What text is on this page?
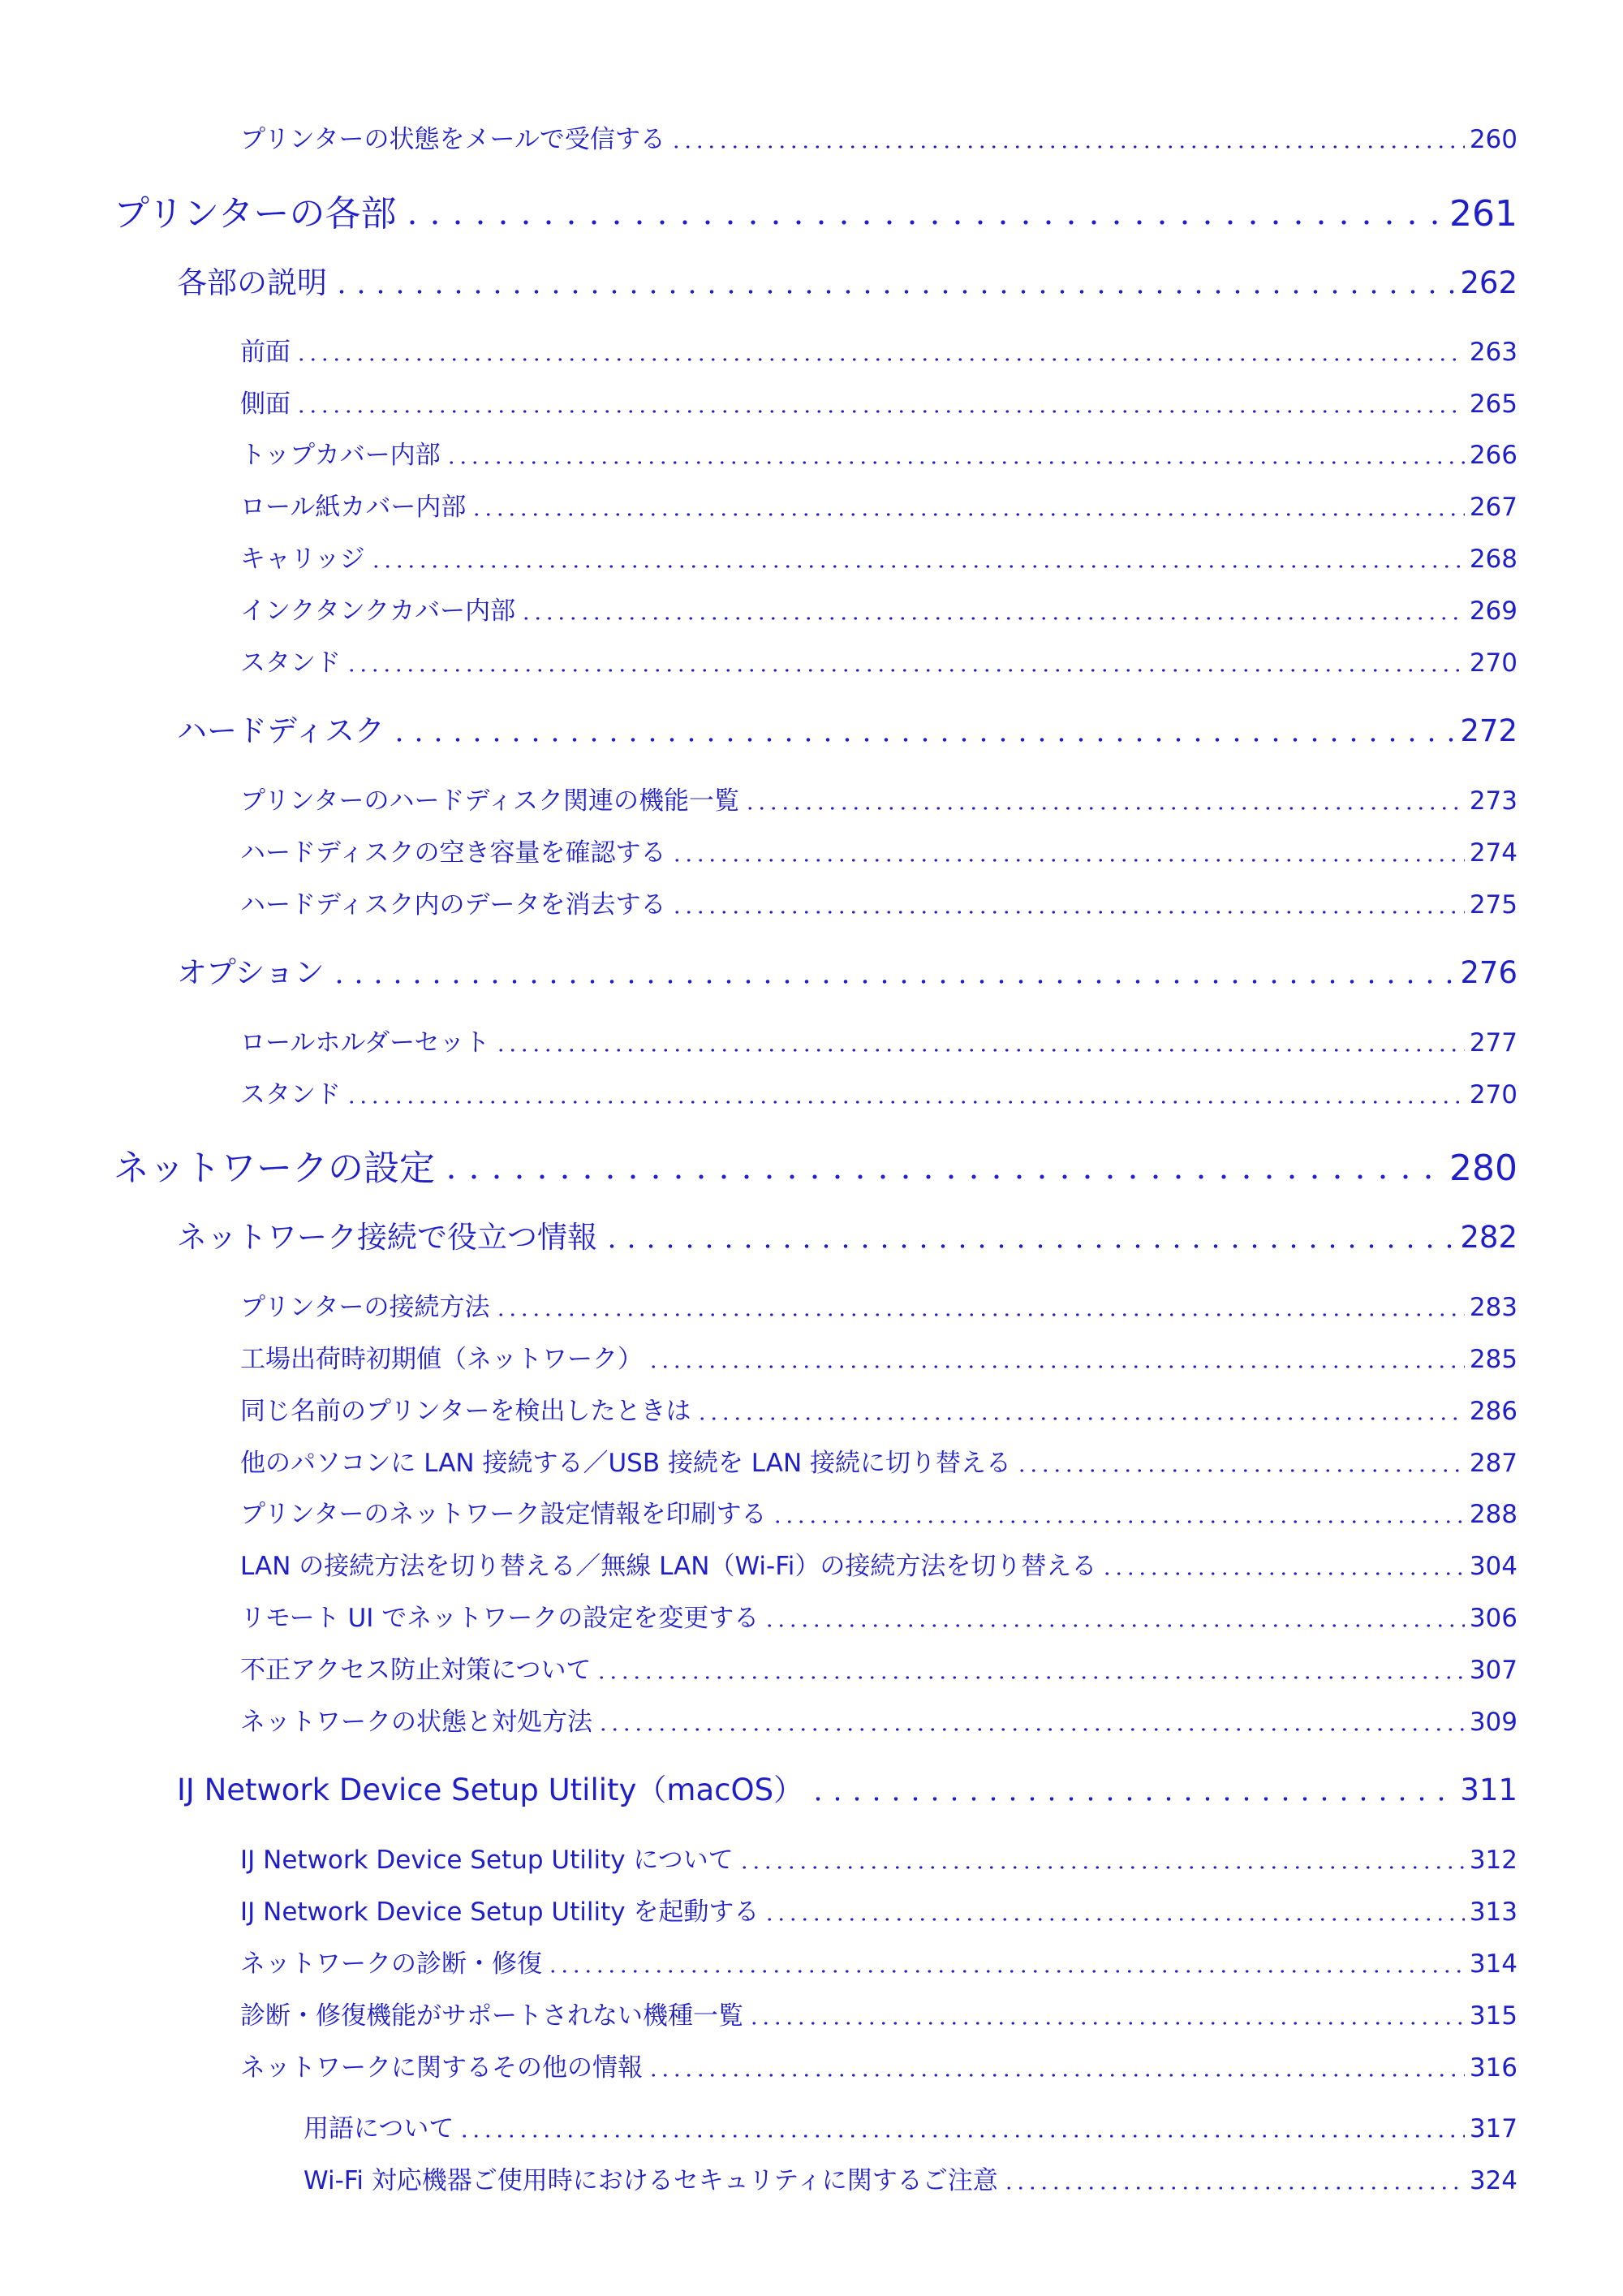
プリンターの状態をメールで受信する	260
プリンターの各部	261
各部の説明	262
前面	263
側面	265
トップカバー内部	266
ロール紙カバー内部	267
キャリッジ	268
インクタンクカバー内部	269
スタンド	270
ハードディスク	272
プリンターのハードディスク関連の機能一覧	273
ハードディスクの空き容量を確認する	274
ハードディスク内のデータを消去する	275
オプション	276
ロールホルダーセット	277
スタンド	270
ネットワークの設定	280
ネットワーク接続で役立つ情報	282
プリンターの接続方法	283
工場出荷時初期値（ネットワーク）	285
同じ名前のプリンターを検出したときは	286
他のパソコンに LAN 接続する／USB 接続を LAN 接続に切り替える	287
プリンターのネットワーク設定情報を印刷する	288
LAN の接続方法を切り替える／無線 LAN（Wi-Fi）の接続方法を切り替える	304
リモート UI でネットワークの設定を変更する	306
不正アクセス防止対策について	307
ネットワークの状態と対処方法	309
IJ Network Device Setup Utility（macOS）	311
IJ Network Device Setup Utility について	312
IJ Network Device Setup Utility を起動する	313
ネットワークの診断・修復	314
診断・修復機能がサポートされない機種一覧	315
ネットワークに関するその他の情報	316
用語について	317
Wi-Fi 対応機器ご使用時におけるセキュリティに関するご注意	324
